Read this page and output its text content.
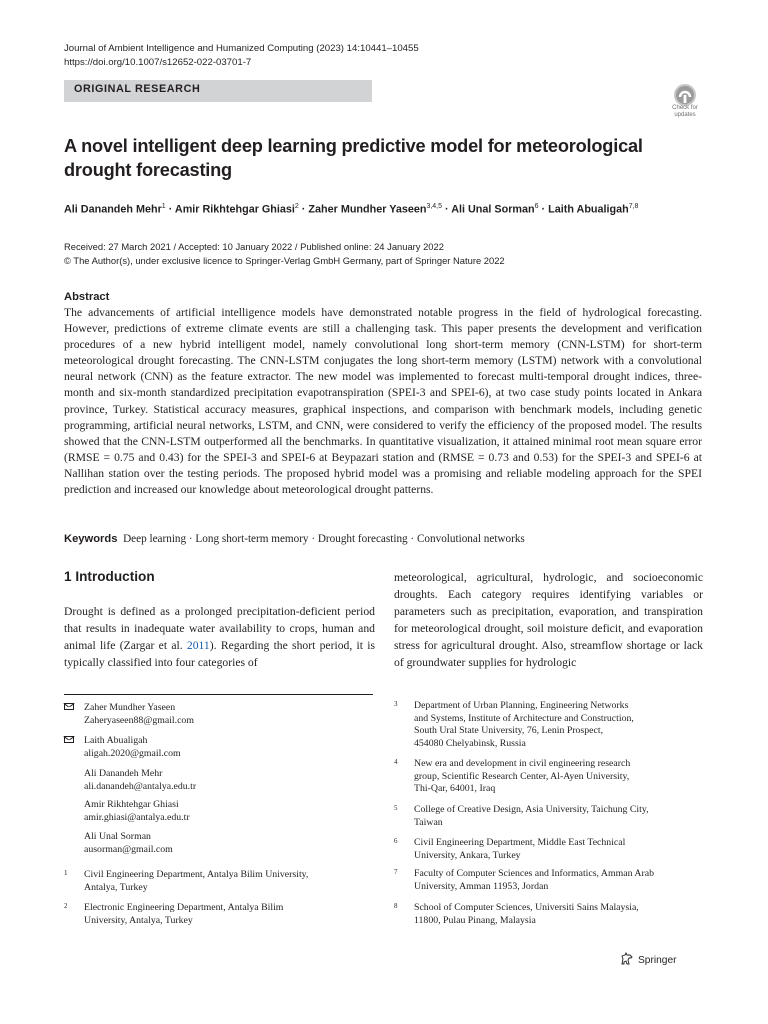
Journal of Ambient Intelligence and Humanized Computing (2023) 14:10441–10455
https://doi.org/10.1007/s12652-022-03701-7
ORIGINAL RESEARCH
Check for
updates
A novel intelligent deep learning predictive model for meteorological drought forecasting
Ali Danandeh Mehr$^1$ · Amir Rikhtehgar Ghiasi$^2$ · Zaher Mundher Yaseen$^{3,4,5}$ · Ali Unal Sorman$^6$ · Laith Abualigah$^{7,8}$
Received: 27 March 2021 / Accepted: 10 January 2022 / Published online: 24 January 2022
© The Author(s), under exclusive licence to Springer-Verlag GmbH Germany, part of Springer Nature 2022
Abstract

The advancements of artificial intelligence models have demonstrated notable progress in the field of hydrological forecasting. However, predictions of extreme climate events are still a challenging task. This paper presents the development and verification procedures of a new hybrid intelligent model, namely convolutional long short-term memory (CNN-LSTM) for short-term meteorological drought forecasting. The CNN-LSTM conjugates the long short-term memory (LSTM) network with a convolutional neural network (CNN) as the feature extractor. The new model was implemented to forecast multi-temporal drought indices, three-month and six-month standardized precipitation evapotranspiration (SPEI-3 and SPEI-6), at two case study points located in Ankara province, Turkey. Statistical accuracy measures, graphical inspections, and comparison with benchmark models, including genetic programming, artificial neural networks, LSTM, and CNN, were considered to verify the efficiency of the proposed model. The results showed that the CNN-LSTM outperformed all the benchmarks. In quantitative visualization, it attained minimal root mean square error (RMSE = 0.75 and 0.43) for the SPEI-3 and SPEI-6 at Beypazari station and (RMSE = 0.73 and 0.53) for the SPEI-3 and SPEI-6 at Nallihan station over the testing periods. The proposed hybrid model was a promising and reliable modeling approach for the SPEI prediction and increased our knowledge about meteorological drought patterns.

Keywords Deep learning · Long short-term memory · Drought forecasting · Convolutional networks
1 Introduction
Drought is defined as a prolonged precipitation-deficient period that results in inadequate water availability to crops, human and animal life (Zargar et al. 2011). Regarding the short period, it is typically classified into four categories of
meteorological, agricultural, hydrologic, and socioeconomic droughts. Each category requires identifying variables or parameters such as precipitation, evaporation, and transpiration for meteorological drought, soil moisture deficit, and evaporation stress for agricultural drought. Also, streamflow shortage or lack of groundwater supplies for hydrologic
Zaher Mundher Yaseen
Zaheryaseen88@gmail.com
Laith Abualigah
aligah.2020@gmail.com
Ali Danandeh Mehr
ali.danandeh@antalya.edu.tr
Amir Rikhtehgar Ghiasi
amir.ghiasi@antalya.edu.tr
Ali Unal Sorman
ausorman@gmail.com
1 Civil Engineering Department, Antalya Bilim University,
Antalya, Turkey
2 Electronic Engineering Department, Antalya Bilim
University, Antalya, Turkey
3 Department of Urban Planning, Engineering Networks
and Systems, Institute of Architecture and Construction,
South Ural State University, 76, Lenin Prospect,
454080 Chelyabinsk, Russia
4 New era and development in civil engineering research
group, Scientific Research Center, Al-Ayen University,
Thi-Qar, 64001, Iraq
5 College of Creative Design, Asia University, Taichung City,
Taiwan
6 Civil Engineering Department, Middle East Technical
University, Ankara, Turkey
7 Faculty of Computer Sciences and Informatics, Amman Arab
University, Amman 11953, Jordan
8 School of Computer Sciences, Universiti Sains Malaysia,
11800, Pulau Pinang, Malaysia
Springer
